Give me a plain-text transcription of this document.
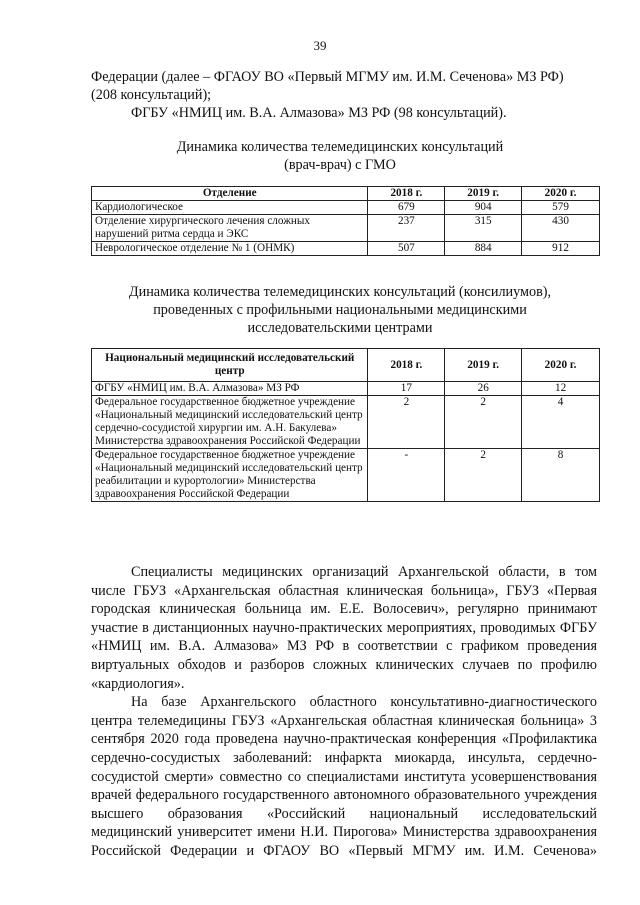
39

Федерации (далее – ФГАОУ ВО «Первый МГМУ им. И.М. Сеченова» МЗ РФ)

(208 консультаций);

ФГБУ «НМИЦ им. В.А. Алмазова» МЗ РФ (98 консультаций).

Динамика количества телемедицинских консультаций
(врач-врач) с ГМО
Отделение	2018 г.	2019 г.	2020 г.
Кардиологическое	679	904	579
Отделение хирургического лечения сложных нарушений ритма сердца и ЭКС	237	315	430
Неврологическое отделение № 1 (ОНМК)	507	884	912
Динамика количества телемедицинских консультаций (консилиумов),
проведенных с профильными национальными медицинскими
исследовательскими центрами
Национальный медицинский исследовательский центр	2018 г.	2019 г.	2020 г.
ФГБУ «НМИЦ им. В.А. Алмазова» МЗ РФ	17	26	12
Федеральное государственное бюджетное учреждение «Национальный медицинский исследовательский центр сердечно-сосудистой хирургии им. А.Н. Бакулева» Министерства здравоохранения Российской Федерации	2	2	4
Федеральное государственное бюджетное учреждение «Национальный медицинский исследовательский центр реабилитации и курортологии» Министерства здравоохранения Российской Федерации	-	2	8

Специалисты медицинских организаций Архангельской области, в том числе ГБУЗ «Архангельская областная клиническая больница», ГБУЗ «Первая городская клиническая больница им. Е.Е. Волосевич», регулярно принимают участие в дистанционных научно-практических мероприятиях, проводимых ФГБУ «НМИЦ им. В.А. Алмазова» МЗ РФ в соответствии с графиком проведения виртуальных обходов и разборов сложных клинических случаев по профилю «кардиология».

На базе Архангельского областного консультативно-диагностического центра телемедицины ГБУЗ «Архангельская областная клиническая больница» 3 сентября 2020 года проведена научно-практическая конференция «Профилактика сердечно-сосудистых заболеваний: инфаркта миокарда, инсульта, сердечно-сосудистой смерти» совместно со специалистами института усовершенствования врачей федерального государственного автономного образовательного учреждения высшего образования «Российский национальный исследовательский медицинский университет имени Н.И. Пирогова» Министерства здравоохранения Российской Федерации и ФГАОУ ВО «Первый МГМУ им. И.М. Сеченова»
